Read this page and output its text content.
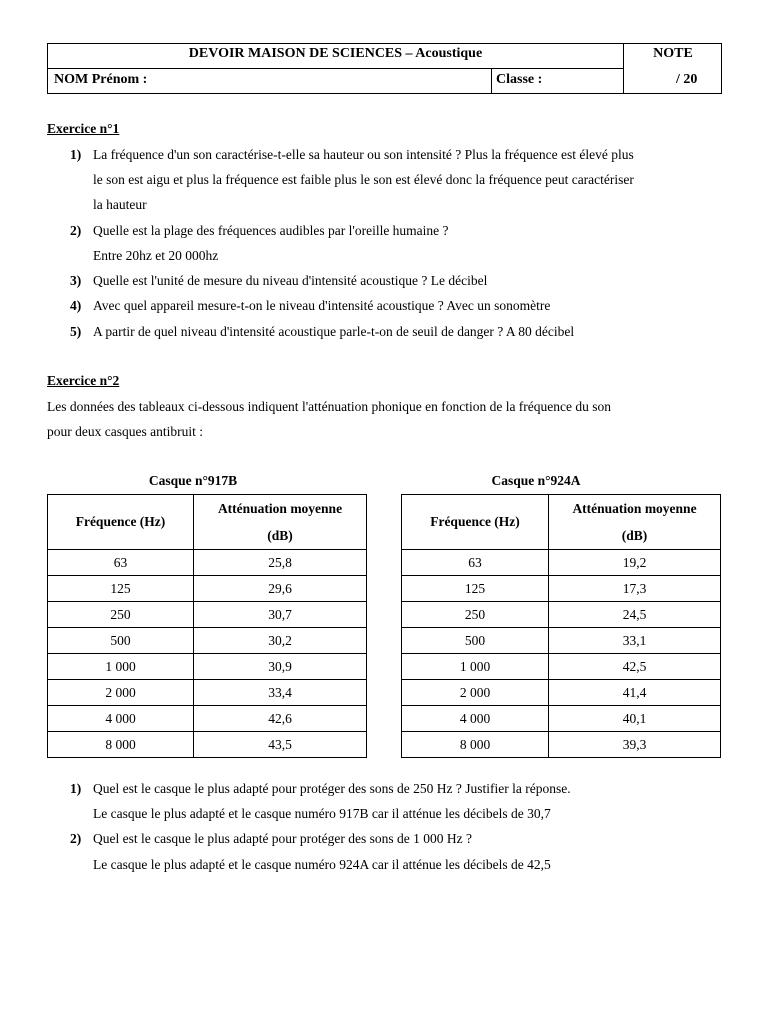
DEVOIR MAISON DE SCIENCES – Acoustique	NOTE
NOM Prénom :	Classe :	/ 20
Exercice n°1
1) La fréquence d'un son caractérise-t-elle sa hauteur ou son intensité ? Plus la fréquence est élevé plus
le son est aigu et plus la fréquence est faible plus le son est élevé donc la fréquence peut caractériser
la hauteur
2) Quelle est la plage des fréquences audibles par l'oreille humaine ?
Entre 20hz et 20 000hz
3) Quelle est l'unité de mesure du niveau d'intensité acoustique ? Le décibel
4) Avec quel appareil mesure-t-on le niveau d'intensité acoustique ? Avec un sonomètre
5) A partir de quel niveau d'intensité acoustique parle-t-on de seuil de danger ? A 80 décibel
Exercice n°2
Les données des tableaux ci-dessous indiquent l'atténuation phonique en fonction de la fréquence du son
pour deux casques antibruit :
Casque n°917B
Fréquence (Hz)	Atténuation moyenne
(dB)

63	25,8
125	29,6
250	30,7
500	30,2
1 000	30,9
2 000	33,4
4 000	42,6
8 000	43,5
Casque n°924A
Fréquence (Hz)	Atténuation moyenne
(dB)

63	19,2
125	17,3
250	24,5
500	33,1
1 000	42,5
2 000	41,4
4 000	40,1
8 000	39,3
1) Quel est le casque le plus adapté pour protéger des sons de 250 Hz ? Justifier la réponse.
Le casque le plus adapté et le casque numéro 917B car il atténue les décibels de 30,7
2) Quel est le casque le plus adapté pour protéger des sons de 1 000 Hz ?
Le casque le plus adapté et le casque numéro 924A car il atténue les décibels de 42,5
